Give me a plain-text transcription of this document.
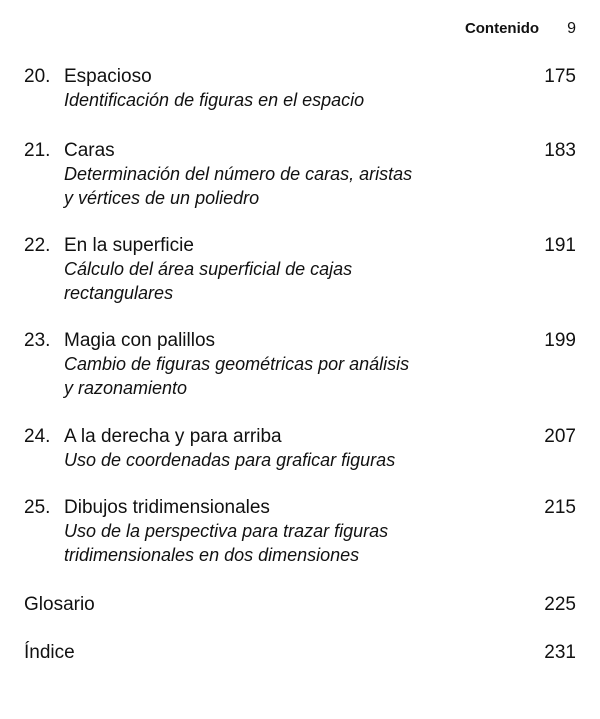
Contenido 9
20. Espacioso	175
Identificación de figuras en el espacio
21. Caras	183
Determinación del número de caras, aristas
y vértices de un poliedro
22. En la superficie	191
Cálculo del área superficial de cajas
rectangulares
23. Magia con palillos	199
Cambio de figuras geométricas por análisis
y razonamiento
24. A la derecha y para arriba	207
Uso de coordenadas para graficar figuras
25. Dibujos tridimensionales	215
Uso de la perspectiva para trazar figuras
tridimensionales en dos dimensiones
Glosario	225
Índice	231
